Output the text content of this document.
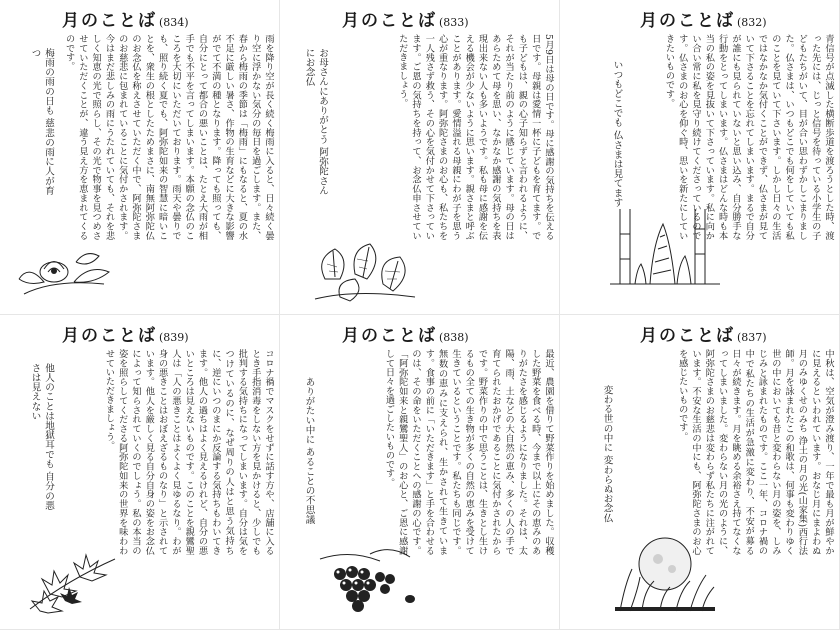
月のことば (834)
雨を降り空が長く続く梅雨に入ると、日々続く曇り空に浮かない気分の毎日を過ごします。また、春から梅雨の季節は「梅雨」にもなると、夏の水不足に厳しい暑さ、作物の生育などに大きな影響がでて不満の種となります。降っても照っても、自分にとって都合の悪いことは、たとえ大雨が相手でも不平を言ってしまいます。本願の念仏のこころを大切にいただいております。雨天や曇りでも、照り続く夏でも、阿弥陀如来の智慧に暗いことを、衆生の根としたためまさに、南無阿弥陀仏のお念仏を称えさせていただく中で、阿弥陀さまのお慈悲に包まれていることに気付かされます。今はまだ悲しみの雨にうたれていても、それを悲しく知恵の光で照らし、その光で物事を見つめさせていただくことが、違う見え方を恵まれてくるのです。
梅雨の雨の日も 慈悲の雨に人が育つ
月のことば (833)
5月9日は母の日です。母に感謝の気持ちを伝える日です。母親は愛情一杯に子どもを育てます。でも子どもは、親の心子知らずと言われるように、それが当たり前のように感じています。母の日はあらためて母を思い、なかなか感謝の気持ちを表現出来ない人も多いようです。私も母に感謝を伝える機会が少ないように思います。親さまと呼ぶことがあります。愛情溢れる母親にわが子を思う心が重なります。阿弥陀さまのお心も、私たちを一人残さず救う、その心を気付かせて下さっています。ご恩の気持ちを持って、お念仏申させていただきましょう。
お母さんにありがとう 阿弥陀さんにお念仏
月のことば (832)
青信号が点滅した横断歩道を渡ろうとした時、渡った先には、じっと信号を待っている小学生の子どもたちがいて、目が合い思わずかしこまりました。仏さまは、いつもどこでも何をしていても私のことを見ていて下さいます。しかし日々の生活ではなかなか気付くことができず、仏さまが見ていて下さることを忘れてしまいます。まるで自分が誰にも見られていないと思い込み、自分勝手な行動をとってしまいます。仏さまはどんな時も本当の私の姿を見抜いて下さっています。私に向かい合い常に私を見守り続けてくださっているのです。仏さまのお心を仰ぐ時、思いを新たにしていきたいものです。
いつもどこでも 仏さまは見てます
月のことば (839)
コロナ禍でマスクをせずに話す方や、店舗に入るとき手指消毒をしない方を見かけると、少しでも批判する気持ちになってしまいます。自分は気をつけているのに、なぜ周りの人はと思う気持ちに、逆にいつのまにか反論する気持ちもわいてきます。他人の過ちはよく見えるけれど、自分の悪いところは見えないものです。このことを親鸞聖人は「人の悪きことはよくよく見ゆるなり。わが身の悪きことはおぼえざるものなり」と示されています。他人を厳しく見る自分自身の姿をお念仏によって知らされていくのでしょう。私の本当の姿を照らしてくださる阿弥陀如来の世界を味わわせていただきましょう。
他人のことは地獄耳でも 自分の悪さは見えない
月のことば (838)
最近、農園を借りて野菜作りを始めました。収穫した野菜を食べる時、今まで以上にその恵みのありがたさを感じるようになりました。それは、太陽、雨、土などの大自然の恵み、多くの人の手で育てられたおかげであることに気付かされたからです。野菜作りの中で思うことは、生きとし生けるもの全ての生き物が多くの自然の恵みを受けて生きているということです。私たちも同じです。無数の恵みに支えられ、生かされて生きています。食事の前に「いただきます」と手を合わせるのは、その命をいただくことへの感謝の心です。「阿弥陀如来と親鸞聖人」のお心と、ご恩に感謝して日々を過ごしたいものです。
ありがたい中に あることの不思議
月のことば (837)
中秋は、空気が澄み渡り、一年で最も月が鮮やかに見えるといわれています。おなじ月にまよわぬ月のみゆくせのみち 浄土の月の光(山家集)西行法師。月を詠まれたこの和歌は、何事も変わりゆく世の中においても昔と変わらない月の姿を、しみじみと詠まれたものです。ここ一年、コロナ禍の中で私たちの生活が急激に変わり、不安が募る日々が続きます。月を眺める余裕さえ持てなくなってしまいました。変わらない月の光のように、阿弥陀さまのお慈悲は変わらず私たちに注がれています。不安な生活の中にも、阿弥陀さまのお心を感じたいものです。
変わる世の中に 変わらぬお念仏
